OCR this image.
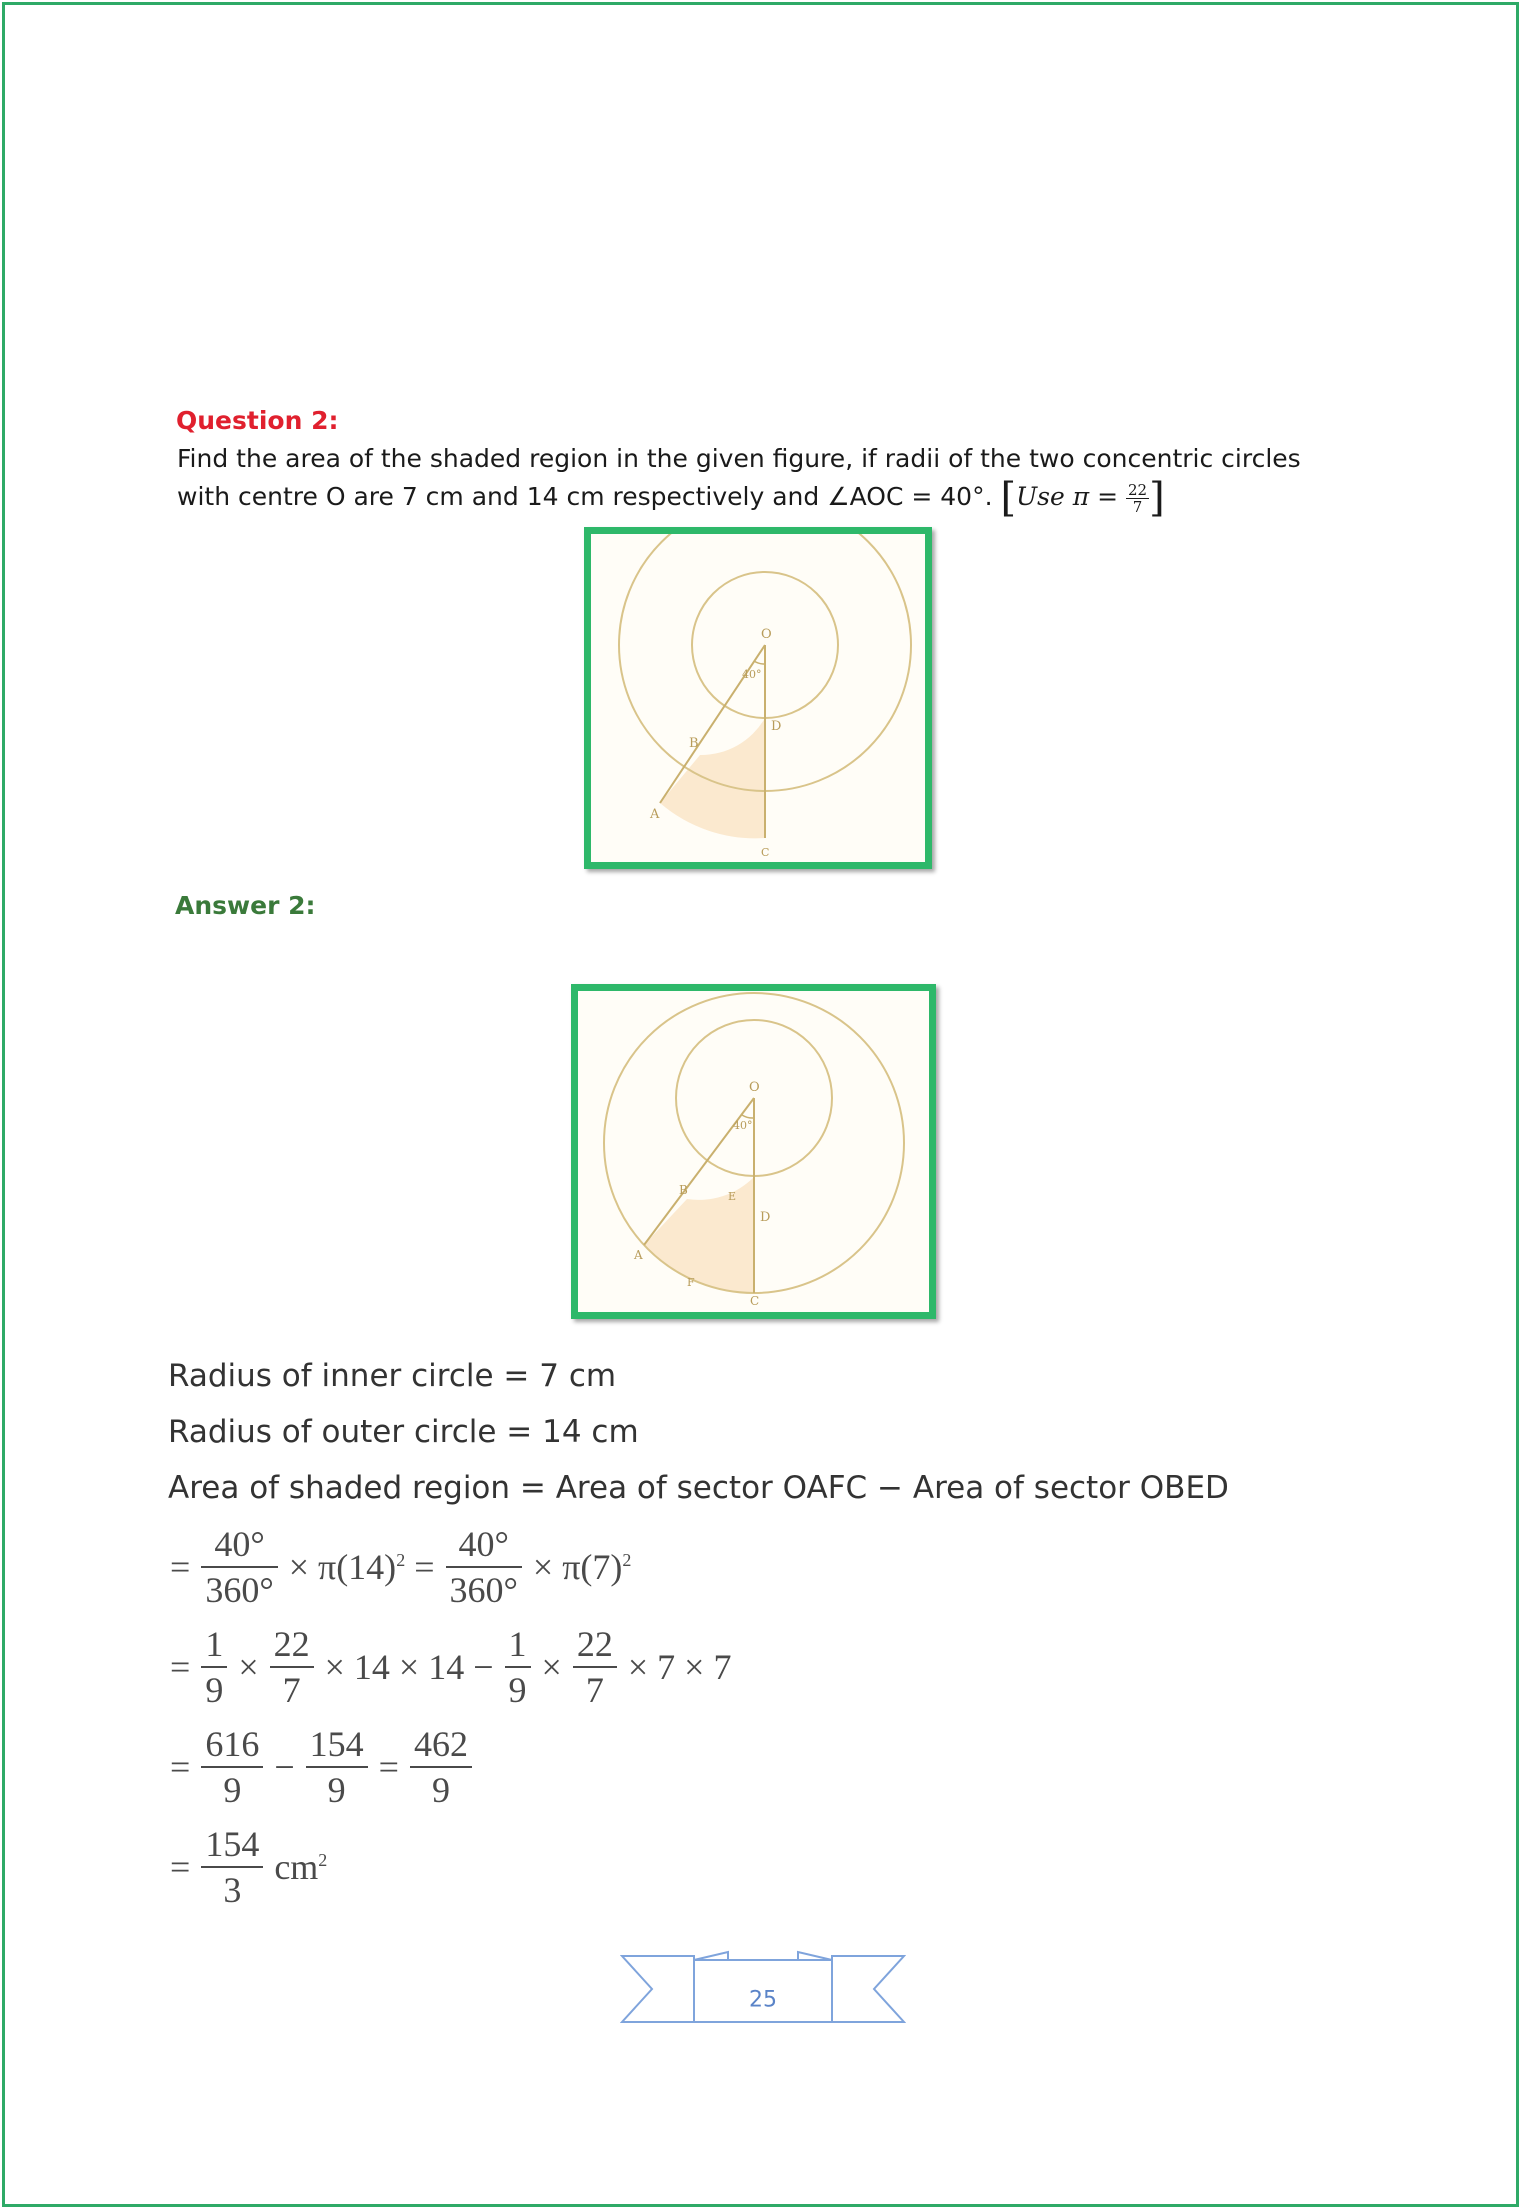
Question 2:
Find the area of the shaded region in the given figure, if radii of the two concentric circles
with centre O are 7 cm and 14 cm respectively and ∠AOC = 40°. [Use $\pi = \frac{22}{7}$ ]
O
40°
B
D
A
C
Answer 2:
O
40°
B	E
D
A
F
C
Radius of inner circle = 7 cm
Radius of outer circle = 14 cm
Area of shaded region = Area of sector OAFC − Area of sector OBED
= $\frac{40^\circ}{360^\circ} \times \pi(14)^2 = \frac{40^\circ}{360^\circ} \times \pi(7)^2$
= $\frac{1}{9} \times \frac{22}{7} \times 14 \times 14 - \frac{1}{9} \times \frac{22}{7} \times 7 \times 7$
= $\frac{616}{9} - \frac{154}{9} = \frac{462}{9}$
= $\frac{154}{3} cm^2$
25
